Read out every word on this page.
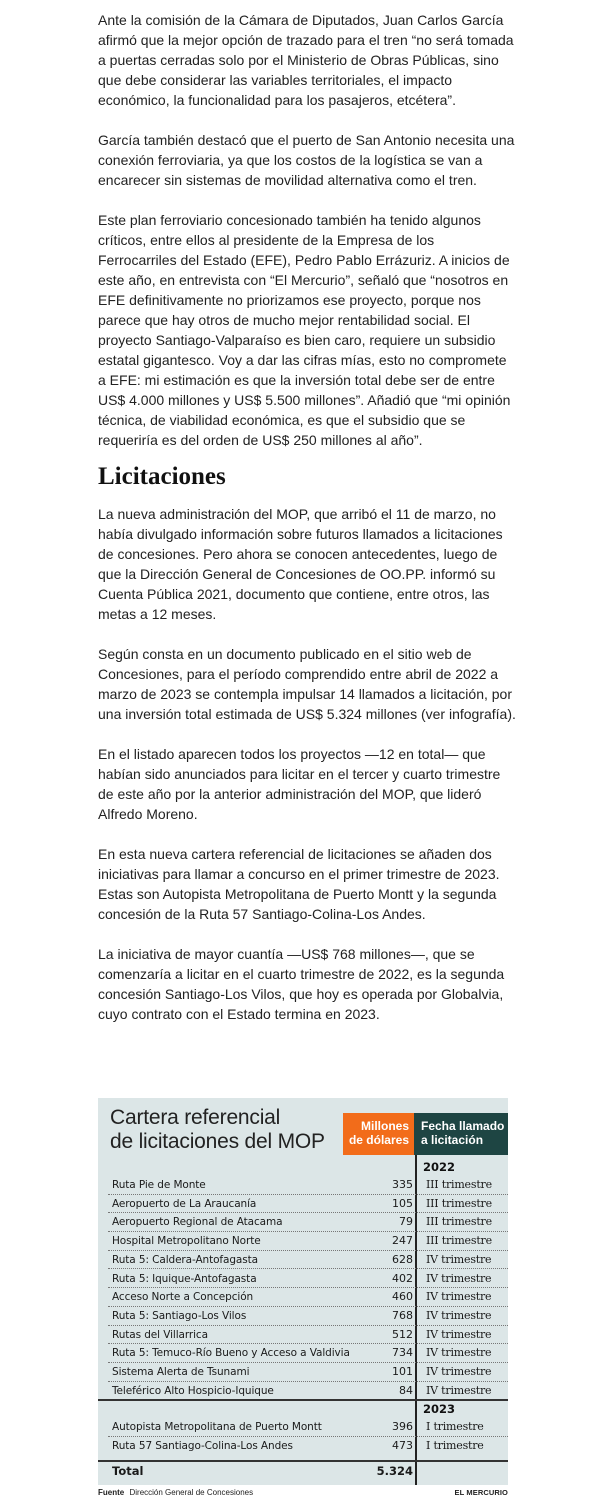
Ante la comisión de la Cámara de Diputados, Juan Carlos García afirmó que la mejor opción de trazado para el tren “no será tomada a puertas cerradas solo por el Ministerio de Obras Públicas, sino que debe considerar las variables territoriales, el impacto económico, la funcionalidad para los pasajeros, etcétera”.

García también destacó que el puerto de San Antonio necesita una conexión ferroviaria, ya que los costos de la logística se van a encarecer sin sistemas de movilidad alternativa como el tren.

Este plan ferroviario concesionado también ha tenido algunos críticos, entre ellos al presidente de la Empresa de los Ferrocarriles del Estado (EFE), Pedro Pablo Errázuriz. A inicios de este año, en entrevista con “El Mercurio”, señaló que “nosotros en EFE definitivamente no priorizamos ese proyecto, porque nos parece que hay otros de mucho mejor rentabilidad social. El proyecto Santiago-Valparaíso es bien caro, requiere un subsidio estatal gigantesco. Voy a dar las cifras mías, esto no compromete a EFE: mi estimación es que la inversión total debe ser de entre US$ 4.000 millones y US$ 5.500 millones”. Añadió que “mi opinión técnica, de viabilidad económica, es que el subsidio que se requeriría es del orden de US$ 250 millones al año”.

Licitaciones

La nueva administración del MOP, que arribó el 11 de marzo, no había divulgado información sobre futuros llamados a licitaciones de concesiones. Pero ahora se conocen antecedentes, luego de que la Dirección General de Concesiones de OO.PP. informó su Cuenta Pública 2021, documento que contiene, entre otros, las metas a 12 meses.

Según consta en un documento publicado en el sitio web de Concesiones, para el período comprendido entre abril de 2022 a marzo de 2023 se contempla impulsar 14 llamados a licitación, por una inversión total estimada de US$ 5.324 millones (ver infografía).

En el listado aparecen todos los proyectos —12 en total— que habían sido anunciados para licitar en el tercer y cuarto trimestre de este año por la anterior administración del MOP, que lideró Alfredo Moreno.

En esta nueva cartera referencial de licitaciones se añaden dos iniciativas para llamar a concurso en el primer trimestre de 2023. Estas son Autopista Metropolitana de Puerto Montt y la segunda concesión de la Ruta 57 Santiago-Colina-Los Andes.

La iniciativa de mayor cuantía —US$ 768 millones—, que se comenzaría a licitar en el cuarto trimestre de 2022, es la segunda concesión Santiago-Los Vilos, que hoy es operada por Globalvia, cuyo contrato con el Estado termina en 2023.

Cartera referencial
de licitaciones del MOP
Millones
de dólares
Fecha llamado
a licitación
2022
Ruta Pie de Monte	335 III trimestre
Aeropuerto de La Araucanía	105 III trimestre
Aeropuerto Regional de Atacama	79 III trimestre
Hospital Metropolitano Norte	247 III trimestre
Ruta 5: Caldera-Antofagasta	628 IV trimestre
Ruta 5: Iquique-Antofagasta	402 IV trimestre
Acceso Norte a Concepción	460 IV trimestre
Ruta 5: Santiago-Los Vilos	768 IV trimestre
Rutas del Villarrica	512 IV trimestre
Ruta 5: Temuco-Río Bueno y Acceso a Valdivia	734 IV trimestre
Sistema Alerta de Tsunami	101 IV trimestre
Teleférico Alto Hospicio-Iquique	84 IV trimestre
2023
Autopista Metropolitana de Puerto Montt	396 I trimestre
Ruta 57 Santiago-Colina-Los Andes	473 I trimestre
Total	5.324
Fuente Dirección General de Concesiones	EL MERCURIO
